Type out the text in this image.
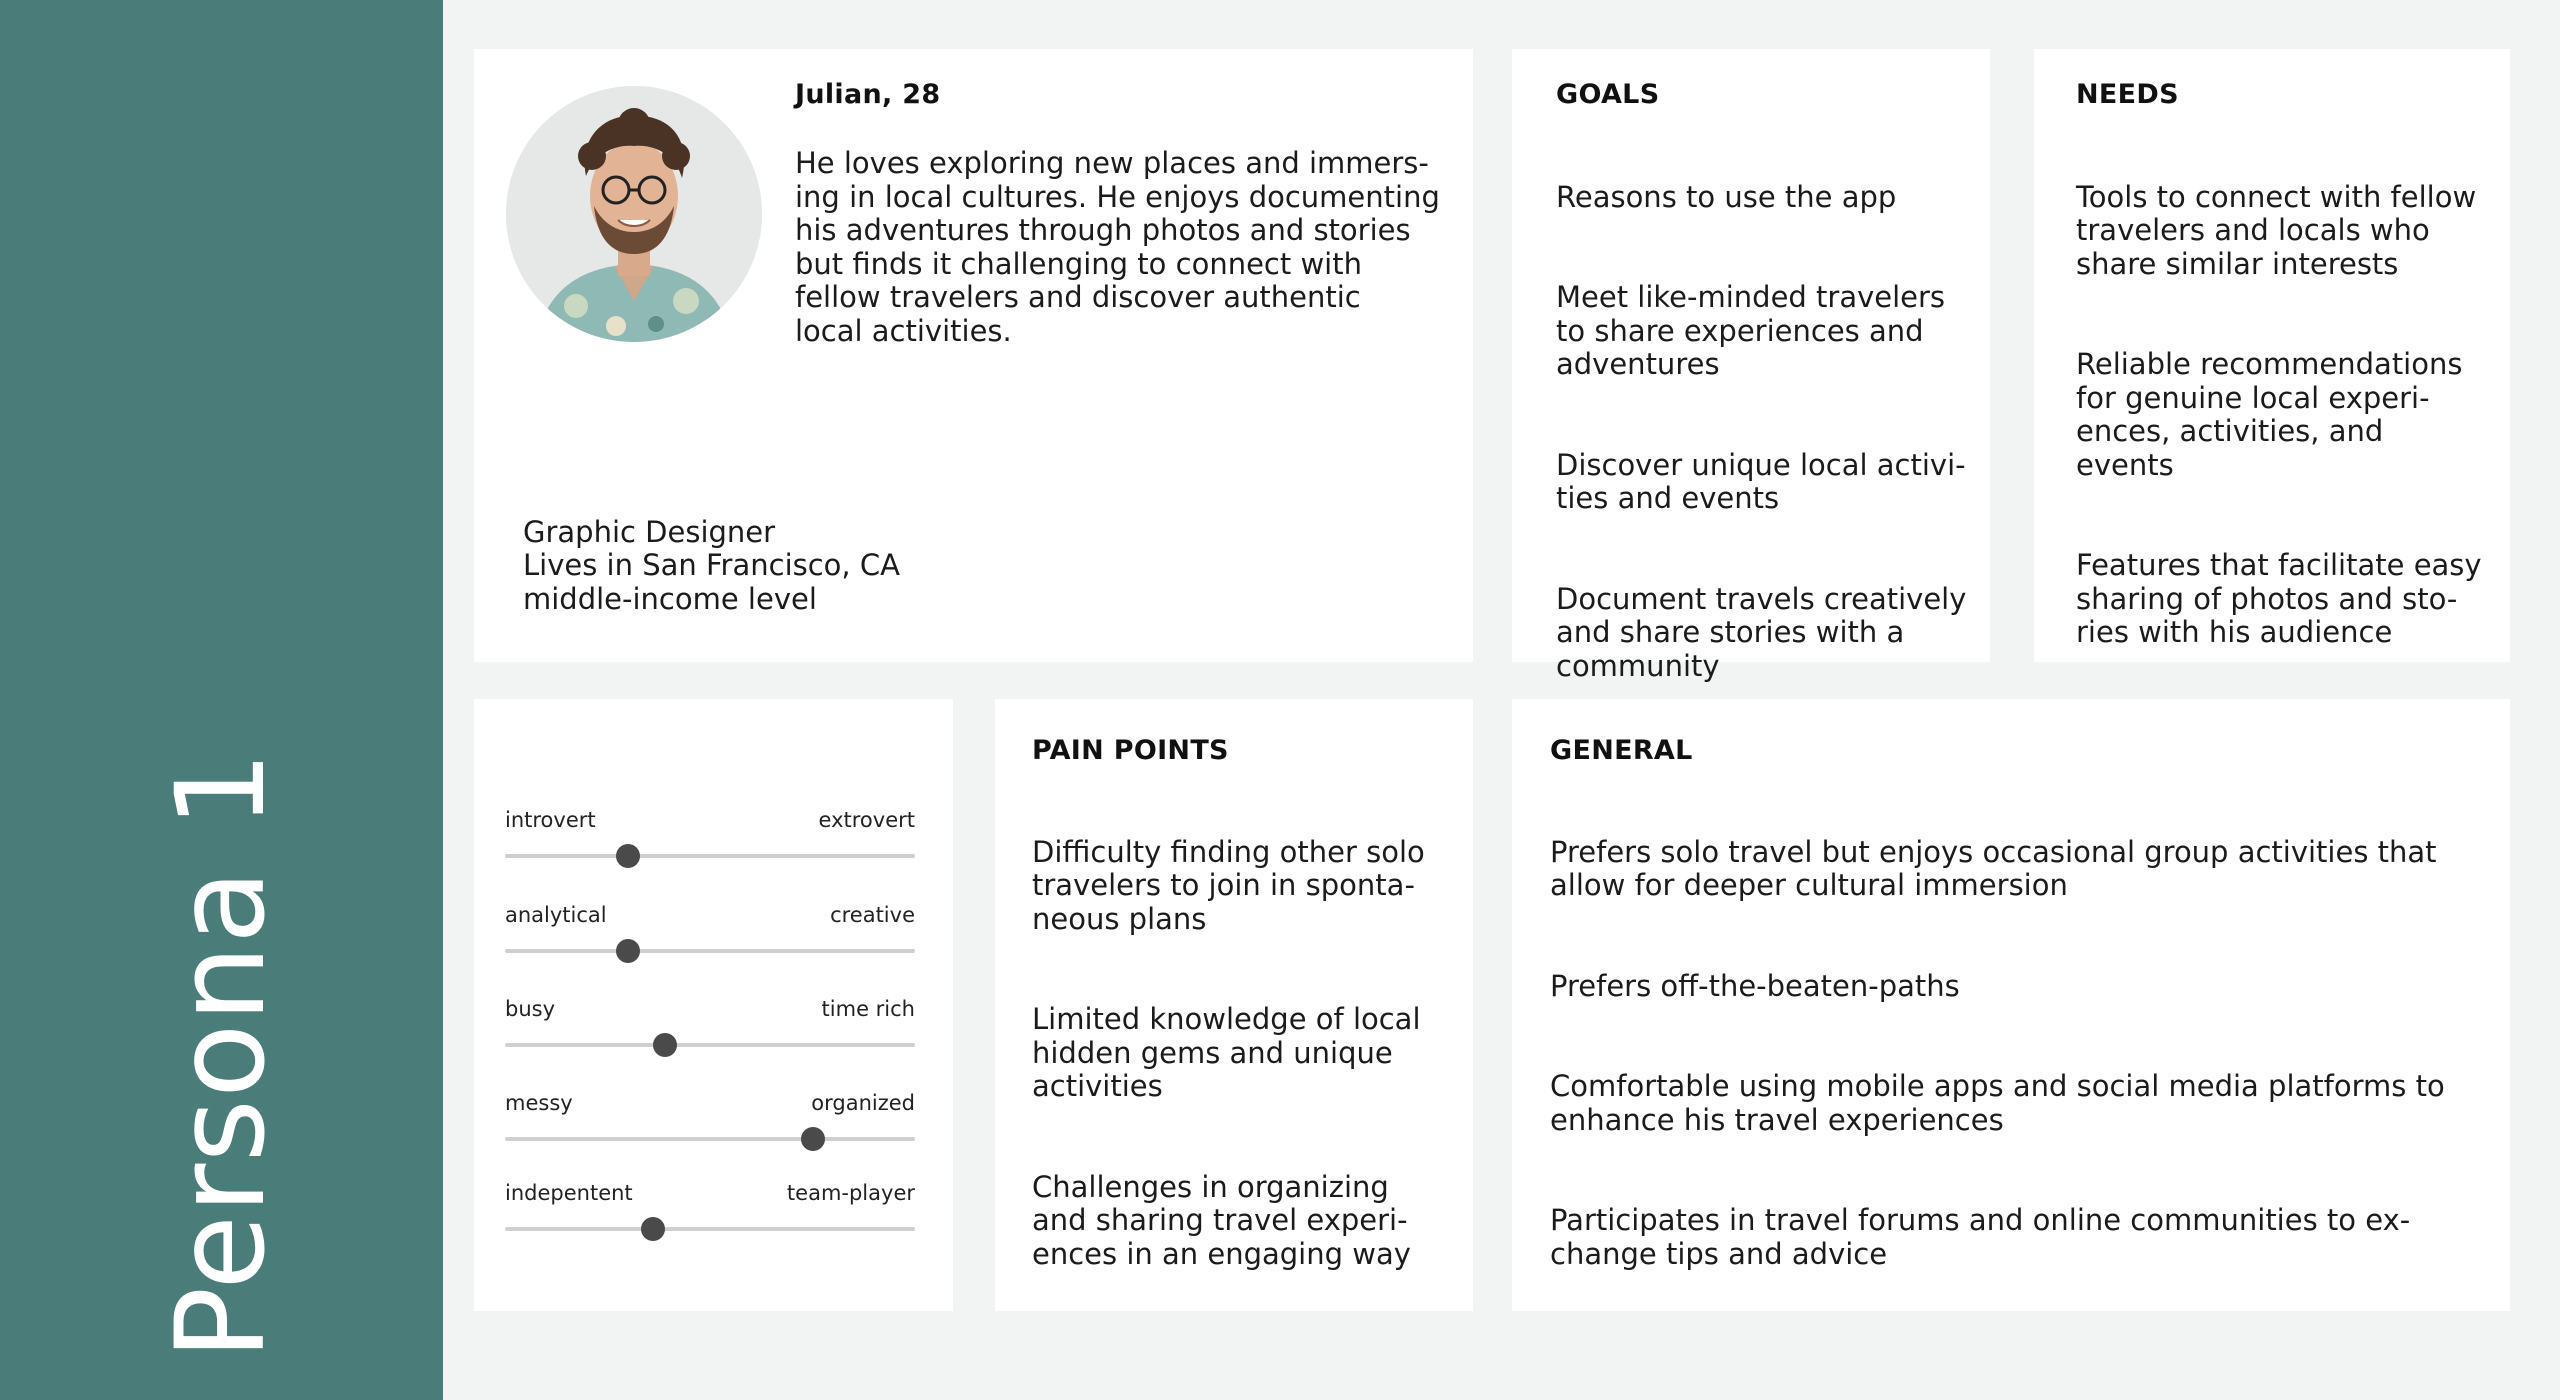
Persona 1
Julian, 28
He loves exploring new places and immers-
ing in local cultures. He enjoys documenting
his adventures through photos and stories
but finds it challenging to connect with
fellow travelers and discover authentic
local activities.
Graphic Designer
Lives in San Francisco, CA
middle-income level
GOALS

Reasons to use the app

Meet like-minded travelers
to share experiences and
adventures

Discover unique local activi-
ties and events

Document travels creatively
and share stories with a
community

NEEDS

Tools to connect with fellow
travelers and locals who
share similar interests

Reliable recommendations
for genuine local experi-
ences, activities, and
events

Features that facilitate easy
sharing of photos and sto-
ries with his audience

introvert	extrovert
analytical	creative
busy	time rich
messy	organized
indepentent	team-player
PAIN POINTS

Difficulty finding other solo
travelers to join in sponta-
neous plans

Limited knowledge of local
hidden gems and unique
activities

Challenges in organizing
and sharing travel experi-
ences in an engaging way

GENERAL

Prefers solo travel but enjoys occasional group activities that
allow for deeper cultural immersion

Prefers off-the-beaten-paths

Comfortable using mobile apps and social media platforms to
enhance his travel experiences

Participates in travel forums and online communities to ex-
change tips and advice
